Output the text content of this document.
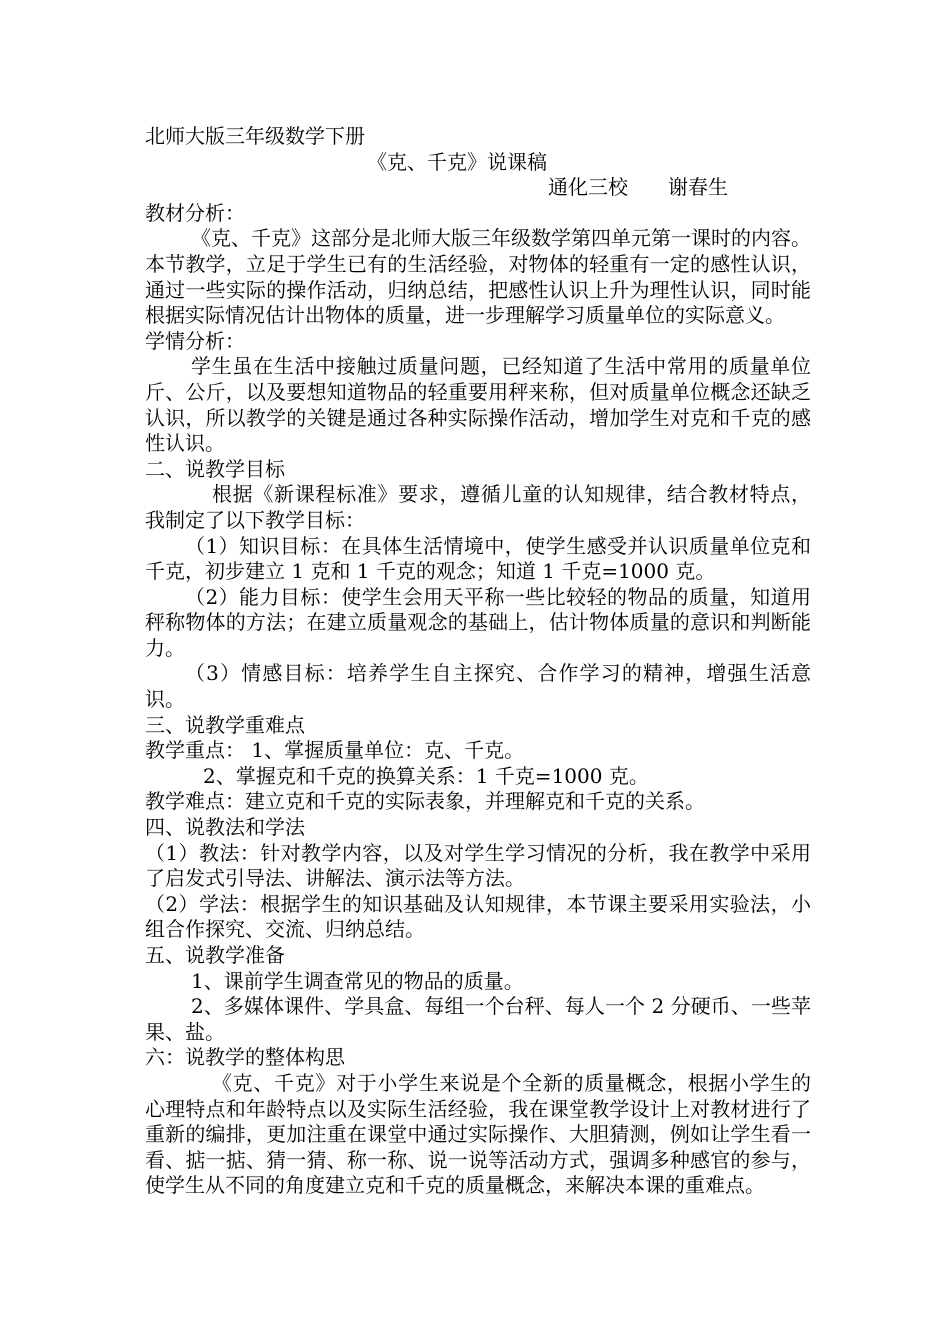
北师大版三年级数学下册
《克、千克》说课稿
通化三校 谢春生
教材分析：

《克、千克》这部分是北师大版三年级数学第四单元第一课时的内容。本节教学，立足于学生已有的生活经验，对物体的轻重有一定的感性认识，通过一些实际的操作活动，归纳总结，把感性认识上升为理性认识，同时能根据实际情况估计出物体的质量，进一步理解学习质量单位的实际意义。

学情分析：

学生虽在生活中接触过质量问题，已经知道了生活中常用的质量单位斤、公斤，以及要想知道物品的轻重要用秤来称，但对质量单位概念还缺乏认识，所以教学的关键是通过各种实际操作活动，增加学生对克和千克的感性认识。

二、说教学目标

根据《新课程标准》要求，遵循儿童的认知规律，结合教材特点，我制定了以下教学目标：

（1）知识目标：在具体生活情境中，使学生感受并认识质量单位克和千克，初步建立 1 克和 1 千克的观念；知道 1 千克=1000 克。

（2）能力目标：使学生会用天平称一些比较轻的物品的质量，知道用秤称物体的方法；在建立质量观念的基础上，估计物体质量的意识和判断能力。

（3）情感目标：培养学生自主探究、合作学习的精神，增强生活意识。

三、说教学重难点
教学重点： 1、掌握质量单位：克、千克。
2、掌握克和千克的换算关系：1 千克=1000 克。
教学难点：建立克和千克的实际表象，并理解克和千克的关系。
四、说教法和学法

（1）教法：针对教学内容，以及对学生学习情况的分析，我在教学中采用了启发式引导法、讲解法、演示法等方法。

（2）学法：根据学生的知识基础及认知规律，本节课主要采用实验法，小组合作探究、交流、归纳总结。

五、说教学准备

1、课前学生调查常见的物品的质量。

2、多媒体课件、学具盒、每组一个台秤、每人一个 2 分硬币、一些苹果、盐。

六：说教学的整体构思

《克、千克》对于小学生来说是个全新的质量概念，根据小学生的心理特点和年龄特点以及实际生活经验，我在课堂教学设计上对教材进行了重新的编排，更加注重在课堂中通过实际操作、大胆猜测，例如让学生看一看、掂一掂、猜一猜、称一称、说一说等活动方式，强调多种感官的参与，使学生从不同的角度建立克和千克的质量概念，来解决本课的重难点。
